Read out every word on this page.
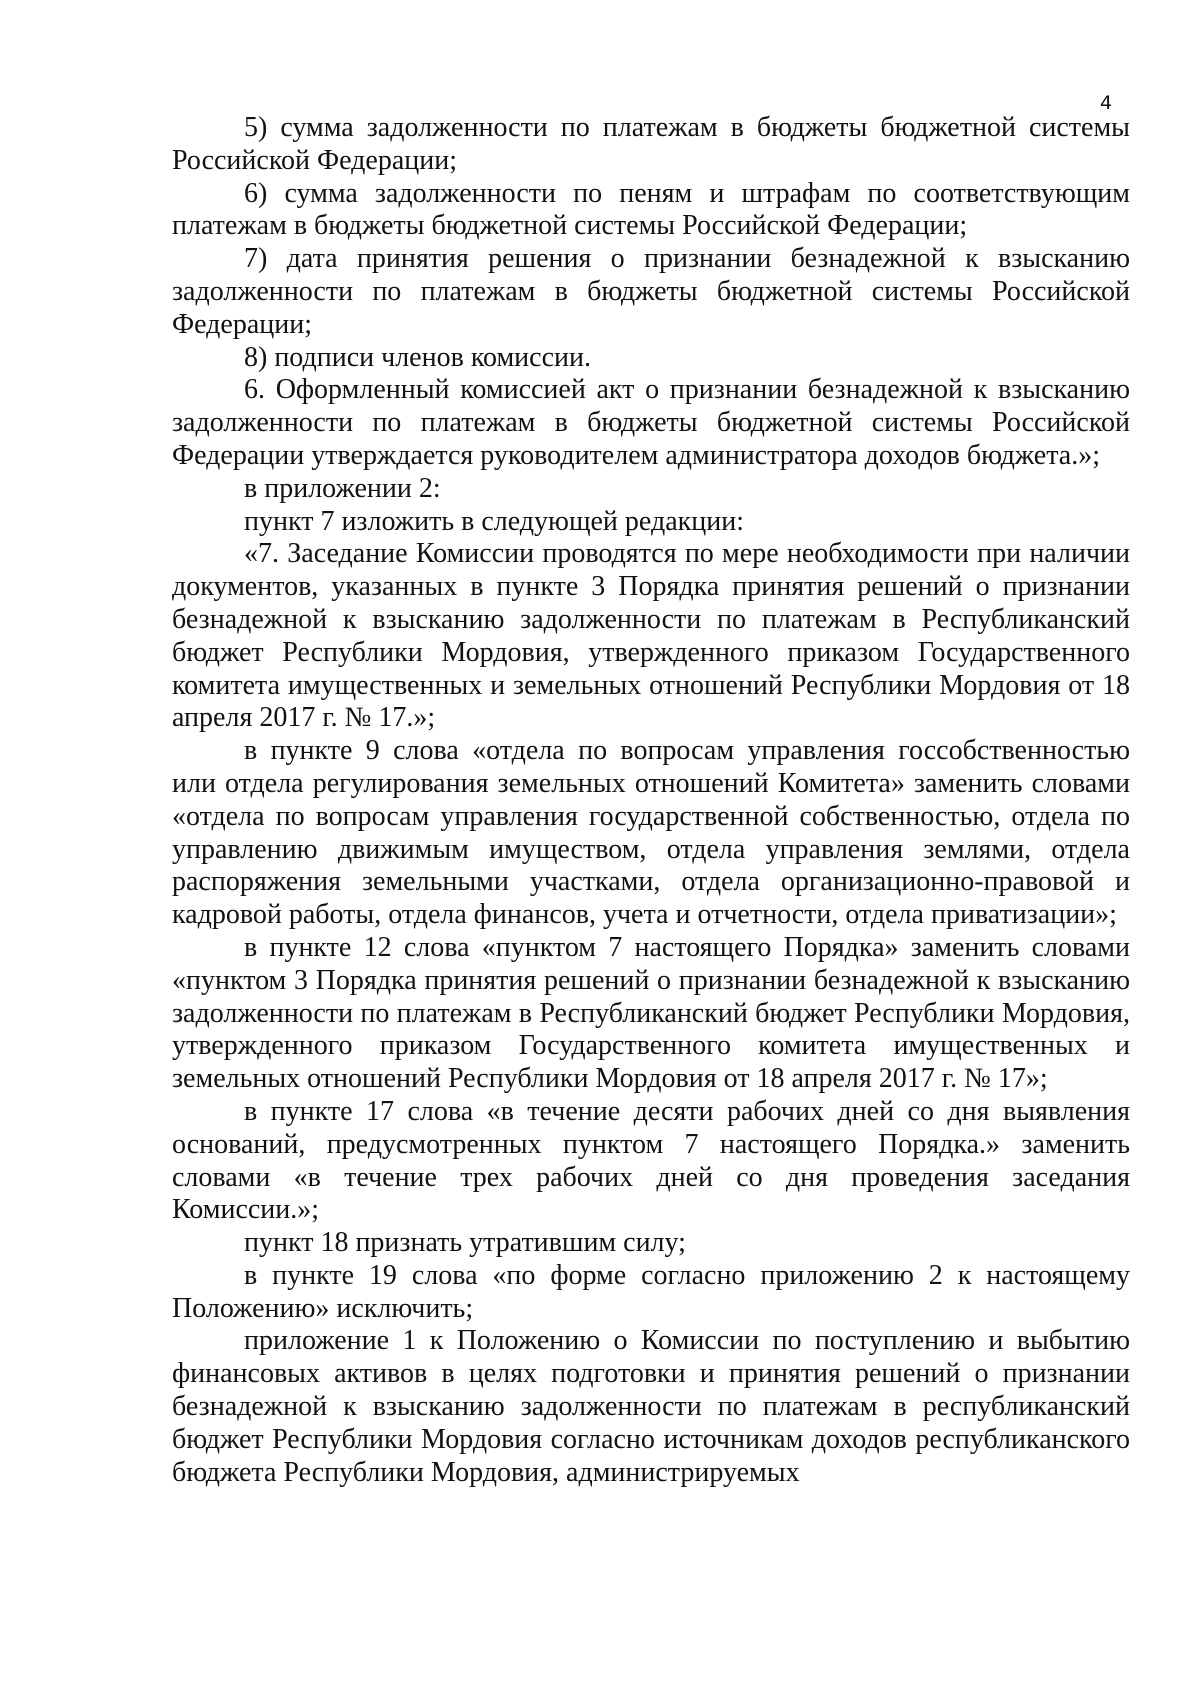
4

5) сумма задолженности по платежам в бюджеты бюджетной системы Российской Федерации;

6) сумма задолженности по пеням и штрафам по соответствующим платежам в бюджеты бюджетной системы Российской Федерации;

7) дата принятия решения о признании безнадежной к взысканию задолженности по платежам в бюджеты бюджетной системы Российской Федерации;

8) подписи членов комиссии.

6. Оформленный комиссией акт о признании безнадежной к взысканию задолженности по платежам в бюджеты бюджетной системы Российской Федерации утверждается руководителем администратора доходов бюджета.»;

в приложении 2:

пункт 7 изложить в следующей редакции:

«7. Заседание Комиссии проводятся по мере необходимости при наличии документов, указанных в пункте 3 Порядка принятия решений о признании безнадежной к взысканию задолженности по платежам в Республиканский бюджет Республики Мордовия, утвержденного приказом Государственного комитета имущественных и земельных отношений Республики Мордовия от 18 апреля 2017 г. № 17.»;

в пункте 9 слова «отдела по вопросам управления госсобственностью или отдела регулирования земельных отношений Комитета» заменить словами «отдела по вопросам управления государственной собственностью, отдела по управлению движимым имуществом, отдела управления землями, отдела распоряжения земельными участками, отдела организационно-правовой и кадровой работы, отдела финансов, учета и отчетности, отдела приватизации»;

в пункте 12 слова «пунктом 7 настоящего Порядка» заменить словами «пунктом 3 Порядка принятия решений о признании безнадежной к взысканию задолженности по платежам в Республиканский бюджет Республики Мордовия, утвержденного приказом Государственного комитета имущественных и земельных отношений Республики Мордовия от 18 апреля 2017 г. № 17»;

в пункте 17 слова «в течение десяти рабочих дней со дня выявления оснований, предусмотренных пунктом 7 настоящего Порядка.» заменить словами «в течение трех рабочих дней со дня проведения заседания Комиссии.»;

пункт 18 признать утратившим силу;

в пункте 19 слова «по форме согласно приложению 2 к настоящему Положению» исключить;

приложение 1 к Положению о Комиссии по поступлению и выбытию финансовых активов в целях подготовки и принятия решений о признании безнадежной к взысканию задолженности по платежам в республиканский бюджет Республики Мордовия согласно источникам доходов республиканского бюджета Республики Мордовия, администрируемых
